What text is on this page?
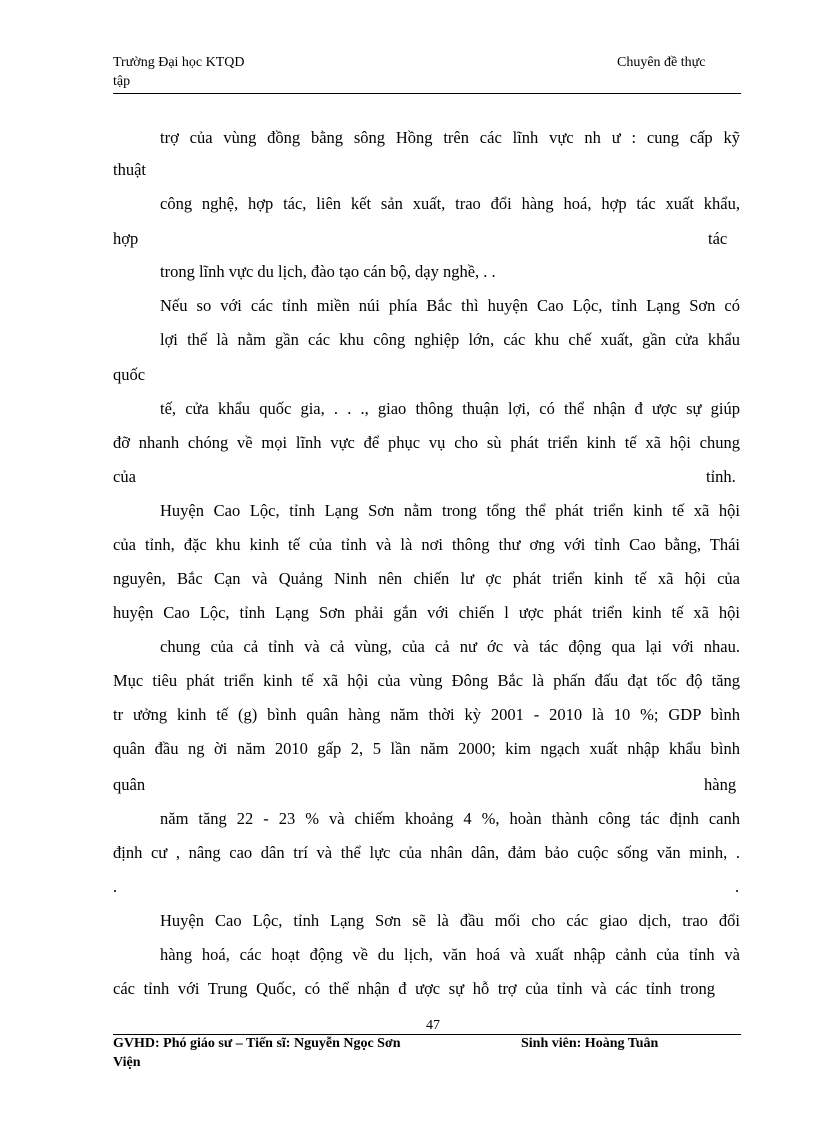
Trường Đại học KTQD
tập
Chuyên đề thực
trợ của vùng đồng bằng sông Hồng trên các lĩnh vực nh ư : cung cấp kỹ
thuật
công nghệ, hợp tác, liên kết sản xuất, trao đổi hàng hoá, hợp tác xuất khẩu,
hợp	tác
trong lĩnh vực du lịch, đào tạo cán bộ, dạy nghề, . .
Nếu so với các tỉnh miền núi phía Bắc thì huyện Cao Lộc, tỉnh Lạng Sơn có
lợi thế là nằm gần các khu công nghiệp lớn, các khu chế xuất, gần cửa khẩu
quốc
tế, cửa khẩu quốc gia, . . ., giao thông thuận lợi, có thể nhận đ ược sự giúp
đỡ nhanh chóng về mọi lĩnh vực để phục vụ cho sù phát triển kinh tế xã hội chung
của	tỉnh.
Huyện Cao Lộc, tỉnh Lạng Sơn nằm trong tổng thể phát triển kinh tế xã hội
của tỉnh, đặc khu kinh tế của tỉnh và là nơi thông thư ơng với tỉnh Cao bằng, Thái
nguyên, Bắc Cạn và Quảng Ninh nên chiến lư ợc phát triển kinh tế xã hội của
huyện Cao Lộc, tỉnh Lạng Sơn phải gắn với chiến l ược phát triển kinh tế xã hội
chung của cả tỉnh và cả vùng, của cả nư ớc và tác động qua lại với nhau.
Mục tiêu phát triển kinh tế xã hội của vùng Đông Bắc là phấn đấu đạt tốc độ tăng
tr ưởng kinh tế (g) bình quân hàng năm thời kỳ 2001 - 2010 là 10 %; GDP bình
quân đầu ng ời năm 2010 gấp 2, 5 lần năm 2000; kim ngạch xuất nhập khẩu bình
quân	hàng
năm tăng 22 - 23 % và chiếm khoảng 4 %, hoàn thành công tác định canh
định cư , nâng cao dân trí và thể lực của nhân dân, đảm bảo cuộc sống văn minh, .
.	.
Huyện Cao Lộc, tỉnh Lạng Sơn sẽ là đầu mối cho các giao dịch, trao đổi
hàng hoá, các hoạt động về du lịch, văn hoá và xuất nhập cảnh của tỉnh và
các tỉnh với Trung Quốc, có thể nhận đ ược sự hỗ trợ của tỉnh và các tỉnh trong
47
GVHD: Phó giáo sư – Tiến sĩ: Nguyễn Ngọc Sơn
Viện
Sinh viên: Hoàng Tuân
